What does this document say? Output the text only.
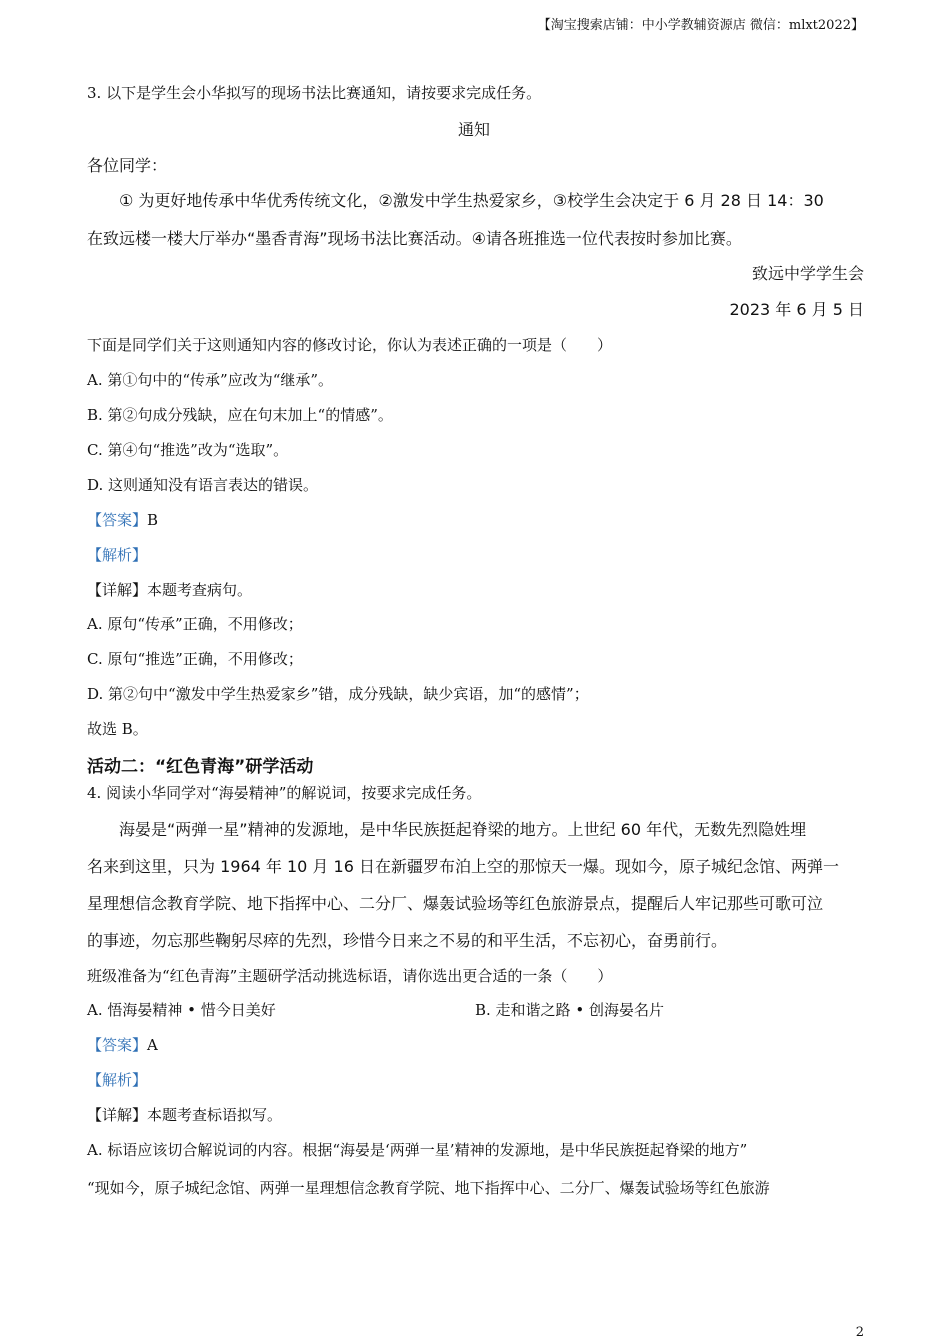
【淘宝搜索店铺：中小学教辅资源店 微信：mlxt2022】
3. 以下是学生会小华拟写的现场书法比赛通知，请按要求完成任务。
通知
各位同学：
① 为更好地传承中华优秀传统文化，②激发中学生热爱家乡，③校学生会决定于 6 月 28 日 14：30
在致远楼一楼大厅举办“墨香青海”现场书法比赛活动。④请各班推选一位代表按时参加比赛。
致远中学学生会
2023 年 6 月 5 日
下面是同学们关于这则通知内容的修改讨论，你认为表述正确的一项是（　　）
A. 第①句中的“传承”应改为“继承”。
B. 第②句成分残缺，应在句末加上“的情感”。
C. 第④句“推选”改为“选取”。
D. 这则通知没有语言表达的错误。
【答案】B
【解析】
【详解】本题考查病句。
A. 原句“传承”正确，不用修改；
C. 原句“推选”正确，不用修改；
D. 第②句中“激发中学生热爱家乡”错，成分残缺，缺少宾语，加“的感情”；
故选 B。
活动二：“红色青海”研学活动
4. 阅读小华同学对“海晏精神”的解说词，按要求完成任务。
海晏是“两弹一星”精神的发源地，是中华民族挺起脊梁的地方。上世纪 60 年代，无数先烈隐姓埋
名来到这里，只为 1964 年 10 月 16 日在新疆罗布泊上空的那惊天一爆。现如今，原子城纪念馆、两弹一
星理想信念教育学院、地下指挥中心、二分厂、爆轰试验场等红色旅游景点，提醒后人牢记那些可歌可泣
的事迹，勿忘那些鞠躬尽瘁的先烈，珍惜今日来之不易的和平生活，不忘初心，奋勇前行。
班级准备为“红色青海”主题研学活动挑选标语，请你选出更合适的一条（　　）
A. 悟海晏精神 • 惜今日美好	B. 走和谐之路 • 创海晏名片
【答案】A
【解析】
【详解】本题考查标语拟写。
A. 标语应该切合解说词的内容。根据“海晏是‘两弹一星’精神的发源地，是中华民族挺起脊梁的地方”
“现如今，原子城纪念馆、两弹一星理想信念教育学院、地下指挥中心、二分厂、爆轰试验场等红色旅游
2
